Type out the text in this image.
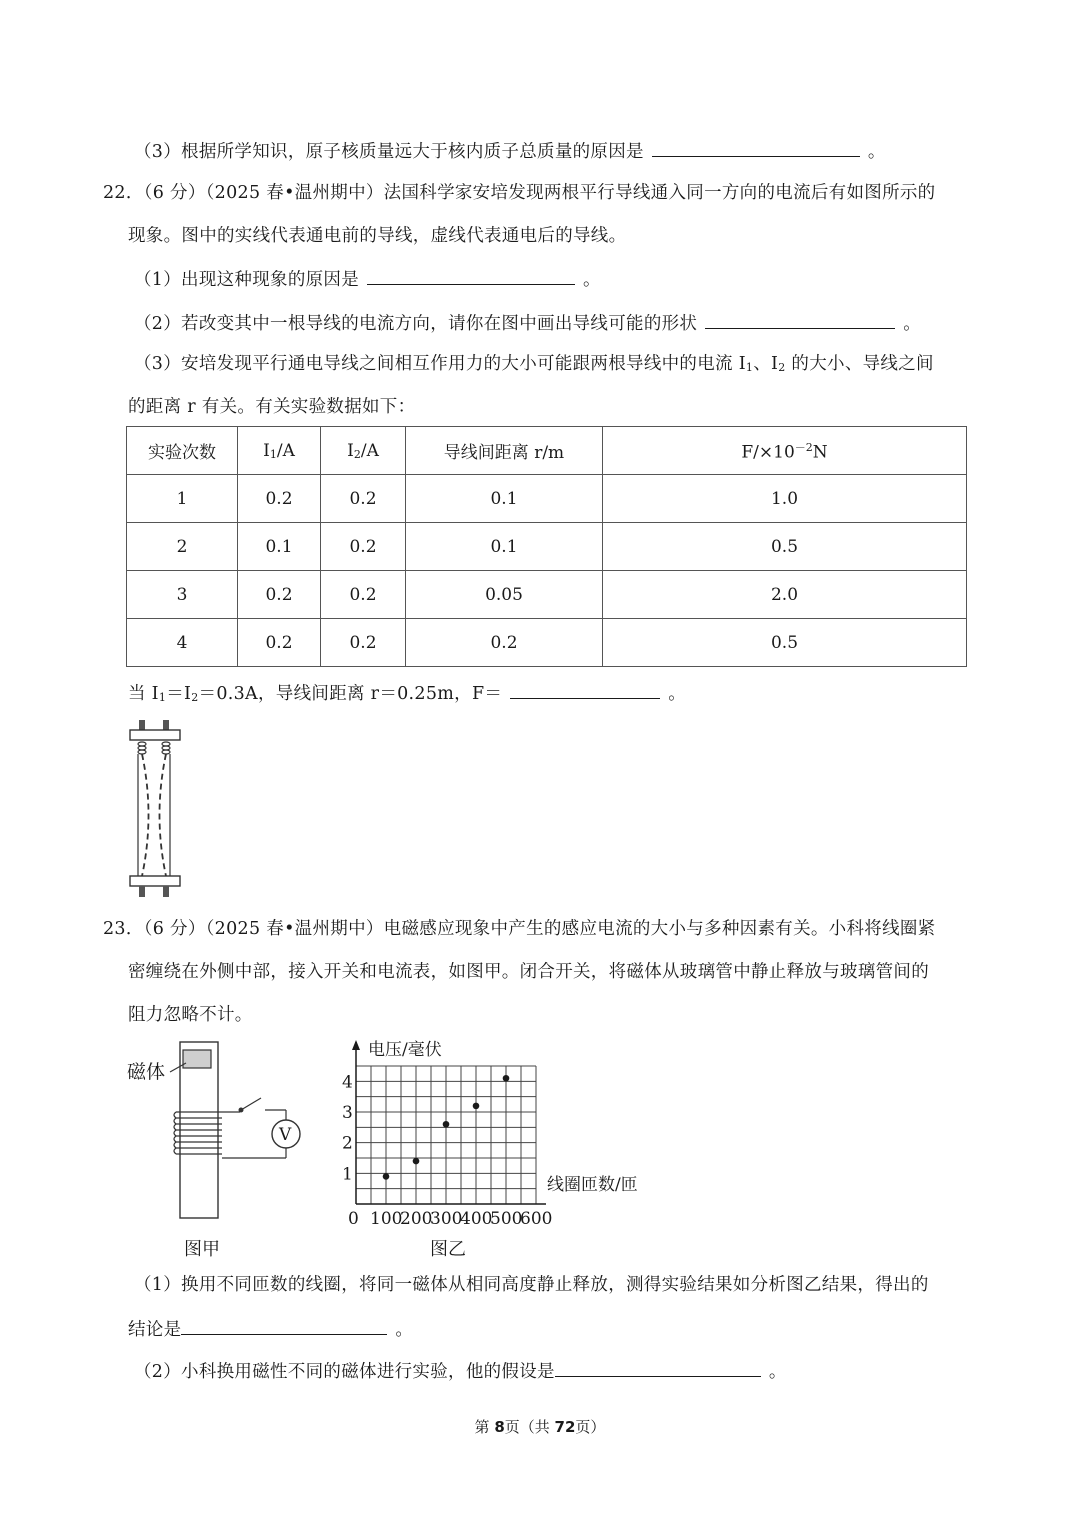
（3）根据所学知识，原子核质量远大于核内质子总质量的原因是	。
22．（6 分）（2025 春•温州期中）法国科学家安培发现两根平行导线通入同一方向的电流后有如图所示的
现象。图中的实线代表通电前的导线，虚线代表通电后的导线。
（1）出现这种现象的原因是	。
（2）若改变其中一根导线的电流方向，请你在图中画出导线可能的形状	。
（3）安培发现平行通电导线之间相互作用力的大小可能跟两根导线中的电流 $I_1$、$I_2$ 的大小、导线之间
的距离 r 有关。有关实验数据如下：
实验次数	$I_1/A$	$I_2/A$	导线间距离 r/m	$F/\times 10^{-2}N$
1	0.2	0.2	0.1	1.0
2	0.1	0.2	0.1	0.5
3	0.2	0.2	0.05	2.0
4	0.2	0.2	0.2	0.5
当 $I_1=I_2=0.3A$，导线间距离 r＝0.25m，F＝	。
23．（6 分）（2025 春•温州期中）电磁感应现象中产生的感应电流的大小与多种因素有关。小科将线圈紧
密缠绕在外侧中部，接入开关和电流表，如图甲。闭合开关，将磁体从玻璃管中静止释放与玻璃管间的
阻力忽略不计。
磁体
V
图甲
0 100
200
300
400
500
600
1
2
3
4
电压/毫伏
线圈匝数/匝
图乙
（1）换用不同匝数的线圈，将同一磁体从相同高度静止释放，测得实验结果如分析图乙结果，得出的
结论是	。
（2）小科换用磁性不同的磁体进行实验，他的假设是	。
第 8页（共 72页）
